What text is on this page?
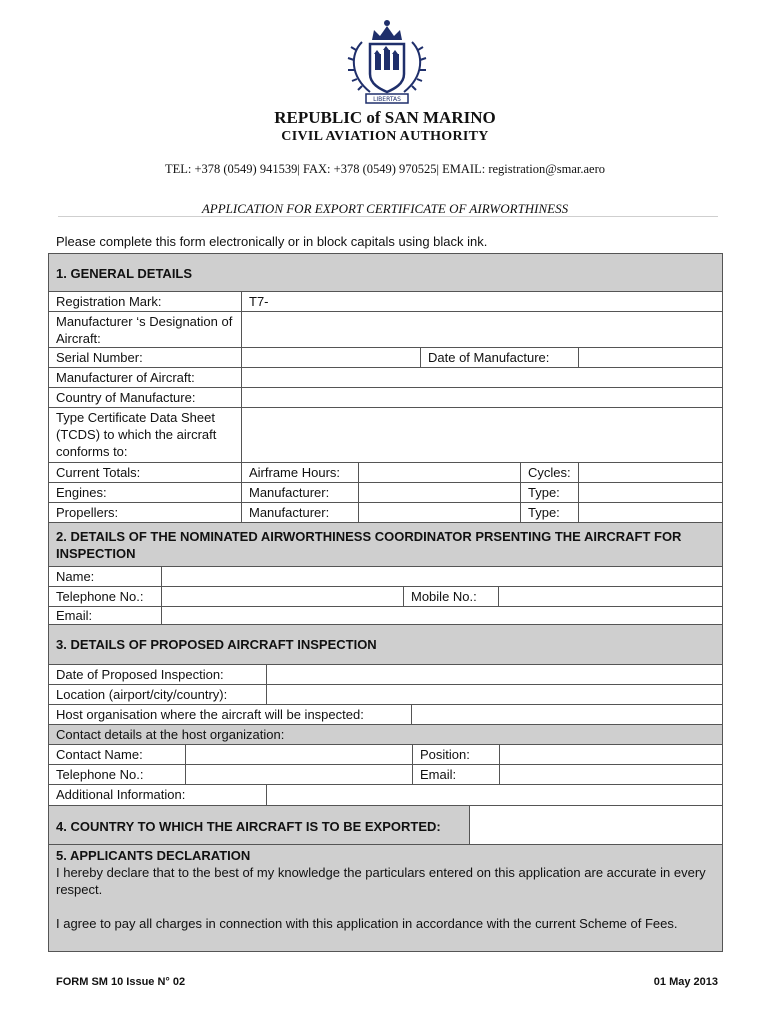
LIBERTAS
REPUBLIC of SAN MARINO
CIVIL AVIATION AUTHORITY
TEL: +378 (0549) 941539| FAX: +378 (0549) 970525| EMAIL: registration@smar.aero
APPLICATION FOR EXPORT CERTIFICATE OF AIRWORTHINESS
Please complete this form electronically or in block capitals using black ink.
1. GENERAL DETAILS
Registration Mark:	T7-
Manufacturer ‘s Designation of Aircraft:
Serial Number:	Date of Manufacture:
Manufacturer of Aircraft:
Country of Manufacture:
Type Certificate Data Sheet (TCDS) to which the aircraft conforms to:
Current Totals:	Airframe Hours:	Cycles:
Engines:	Manufacturer:	Type:
Propellers:	Manufacturer:	Type:
2. DETAILS OF THE NOMINATED AIRWORTHINESS COORDINATOR PRSENTING THE AIRCRAFT FOR INSPECTION
Name:
Telephone No.:	Mobile No.:
Email:
3. DETAILS OF PROPOSED AIRCRAFT INSPECTION
Date of Proposed Inspection:
Location (airport/city/country):
Host organisation where the aircraft will be inspected:
Contact details at the host organization:
Contact Name:	Position:
Telephone No.:	Email:
Additional Information:
4. COUNTRY TO WHICH THE AIRCRAFT IS TO BE EXPORTED:
5. APPLICANTS DECLARATION
I hereby declare that to the best of my knowledge the particulars entered on this application are accurate in every respect.
I agree to pay all charges in connection with this application in accordance with the current Scheme of Fees.
FORM SM 10 Issue N° 02	01 May 2013
